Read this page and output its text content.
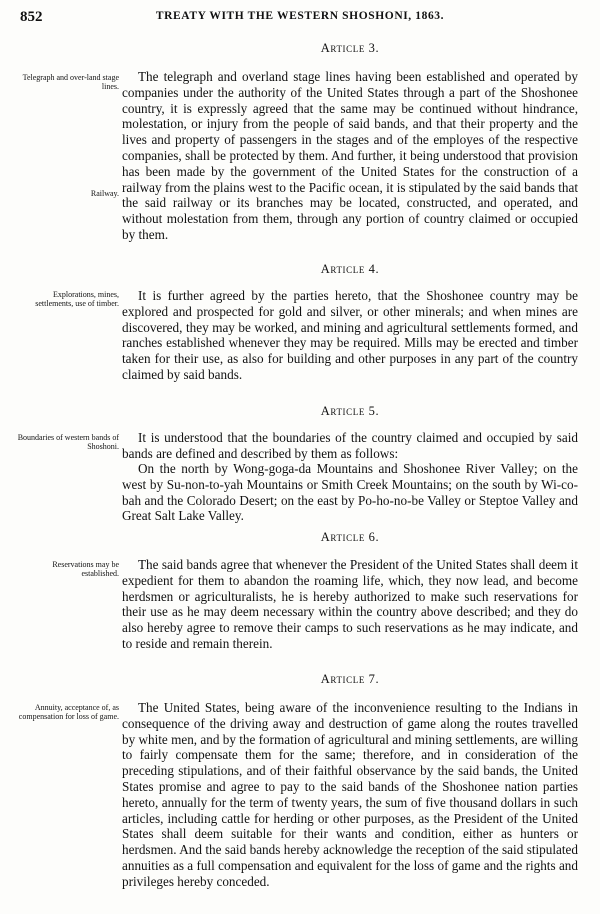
852	TREATY WITH THE WESTERN SHOSHONI, 1863.
Article 3.
Telegraph and over-land stage lines.
Railway.

The telegraph and overland stage lines having been established and operated by companies under the authority of the United States through a part of the Shoshonee country, it is expressly agreed that the same may be continued without hindrance, molestation, or injury from the people of said bands, and that their property and the lives and property of passengers in the stages and of the employes of the respective companies, shall be protected by them. And further, it being understood that provision has been made by the government of the United States for the construction of a railway from the plains west to the Pacific ocean, it is stipulated by the said bands that the said railway or its branches may be located, constructed, and operated, and without molestation from them, through any portion of country claimed or occupied by them.

Article 4.
Explorations, mines, settlements, use of timber.

It is further agreed by the parties hereto, that the Shoshonee country may be explored and prospected for gold and silver, or other minerals; and when mines are discovered, they may be worked, and mining and agricultural settlements formed, and ranches established whenever they may be required. Mills may be erected and timber taken for their use, as also for building and other purposes in any part of the country claimed by said bands.

Article 5.
Boundaries of western bands of Shoshoni.

It is understood that the boundaries of the country claimed and occupied by said bands are defined and described by them as follows:

On the north by Wong-goga-da Mountains and Shoshonee River Valley; on the west by Su-non-to-yah Mountains or Smith Creek Mountains; on the south by Wi-co-bah and the Colorado Desert; on the east by Po-ho-no-be Valley or Steptoe Valley and Great Salt Lake Valley.

Article 6.
Reservations may be established.

The said bands agree that whenever the President of the United States shall deem it expedient for them to abandon the roaming life, which, they now lead, and become herdsmen or agriculturalists, he is hereby authorized to make such reservations for their use as he may deem necessary within the country above described; and they do also hereby agree to remove their camps to such reservations as he may indicate, and to reside and remain therein.

Article 7.
Annuity, acceptance of, as compensation for loss of game.

The United States, being aware of the inconvenience resulting to the Indians in consequence of the driving away and destruction of game along the routes travelled by white men, and by the formation of agricultural and mining settlements, are willing to fairly compensate them for the same; therefore, and in consideration of the preceding stipulations, and of their faithful observance by the said bands, the United States promise and agree to pay to the said bands of the Shoshonee nation parties hereto, annually for the term of twenty years, the sum of five thousand dollars in such articles, including cattle for herding or other purposes, as the President of the United States shall deem suitable for their wants and condition, either as hunters or herdsmen. And the said bands hereby acknowledge the reception of the said stipulated annuities as a full compensation and equivalent for the loss of game and the rights and privileges hereby conceded.
